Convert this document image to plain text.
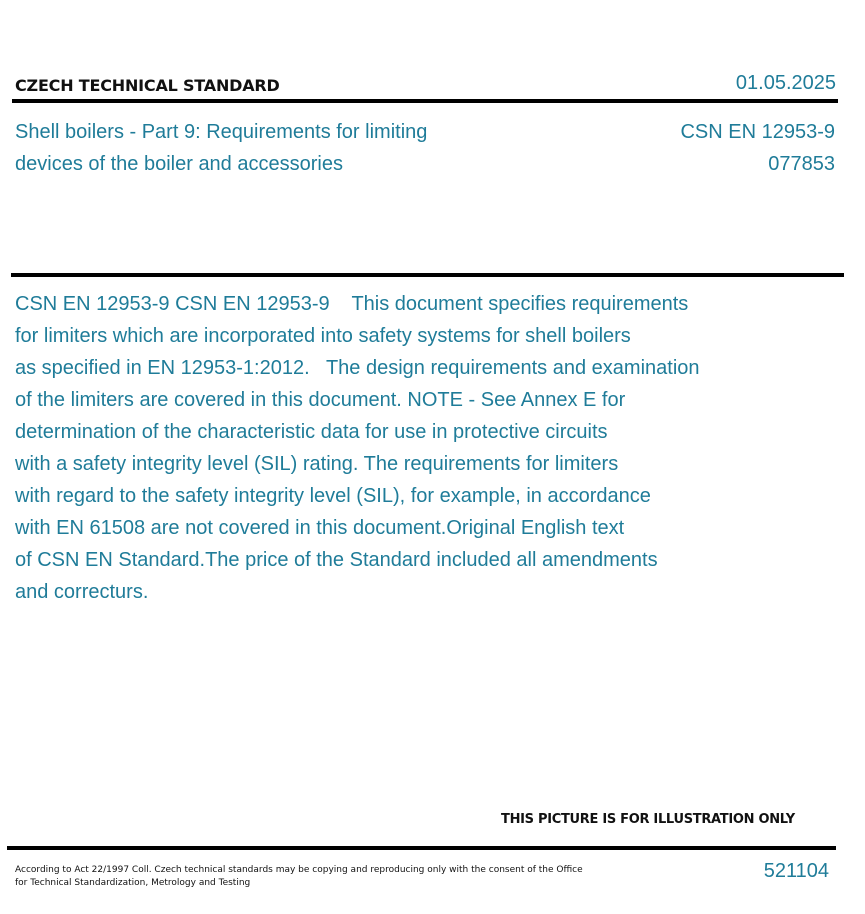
CZECH TECHNICAL STANDARD	01.05.2025
Shell boilers - Part 9: Requirements for limiting
devices of the boiler and accessories
CSN EN 12953-9
077853
CSN EN 12953-9 CSN EN 12953-9    This document specifies requirements
for limiters which are incorporated into safety systems for shell boilers
as specified in EN 12953-1:2012.   The design requirements and examination
of the limiters are covered in this document. NOTE - See Annex E for
determination of the characteristic data for use in protective circuits
with a safety integrity level (SIL) rating. The requirements for limiters
with regard to the safety integrity level (SIL), for example, in accordance
with EN 61508 are not covered in this document.Original English text
of CSN EN Standard.The price of the Standard included all amendments
and correcturs.
THIS PICTURE IS FOR ILLUSTRATION ONLY
According to Act 22/1997 Coll. Czech technical standards may be copying and reproducing only with the consent of the Office
for Technical Standardization, Metrology and Testing
521104
